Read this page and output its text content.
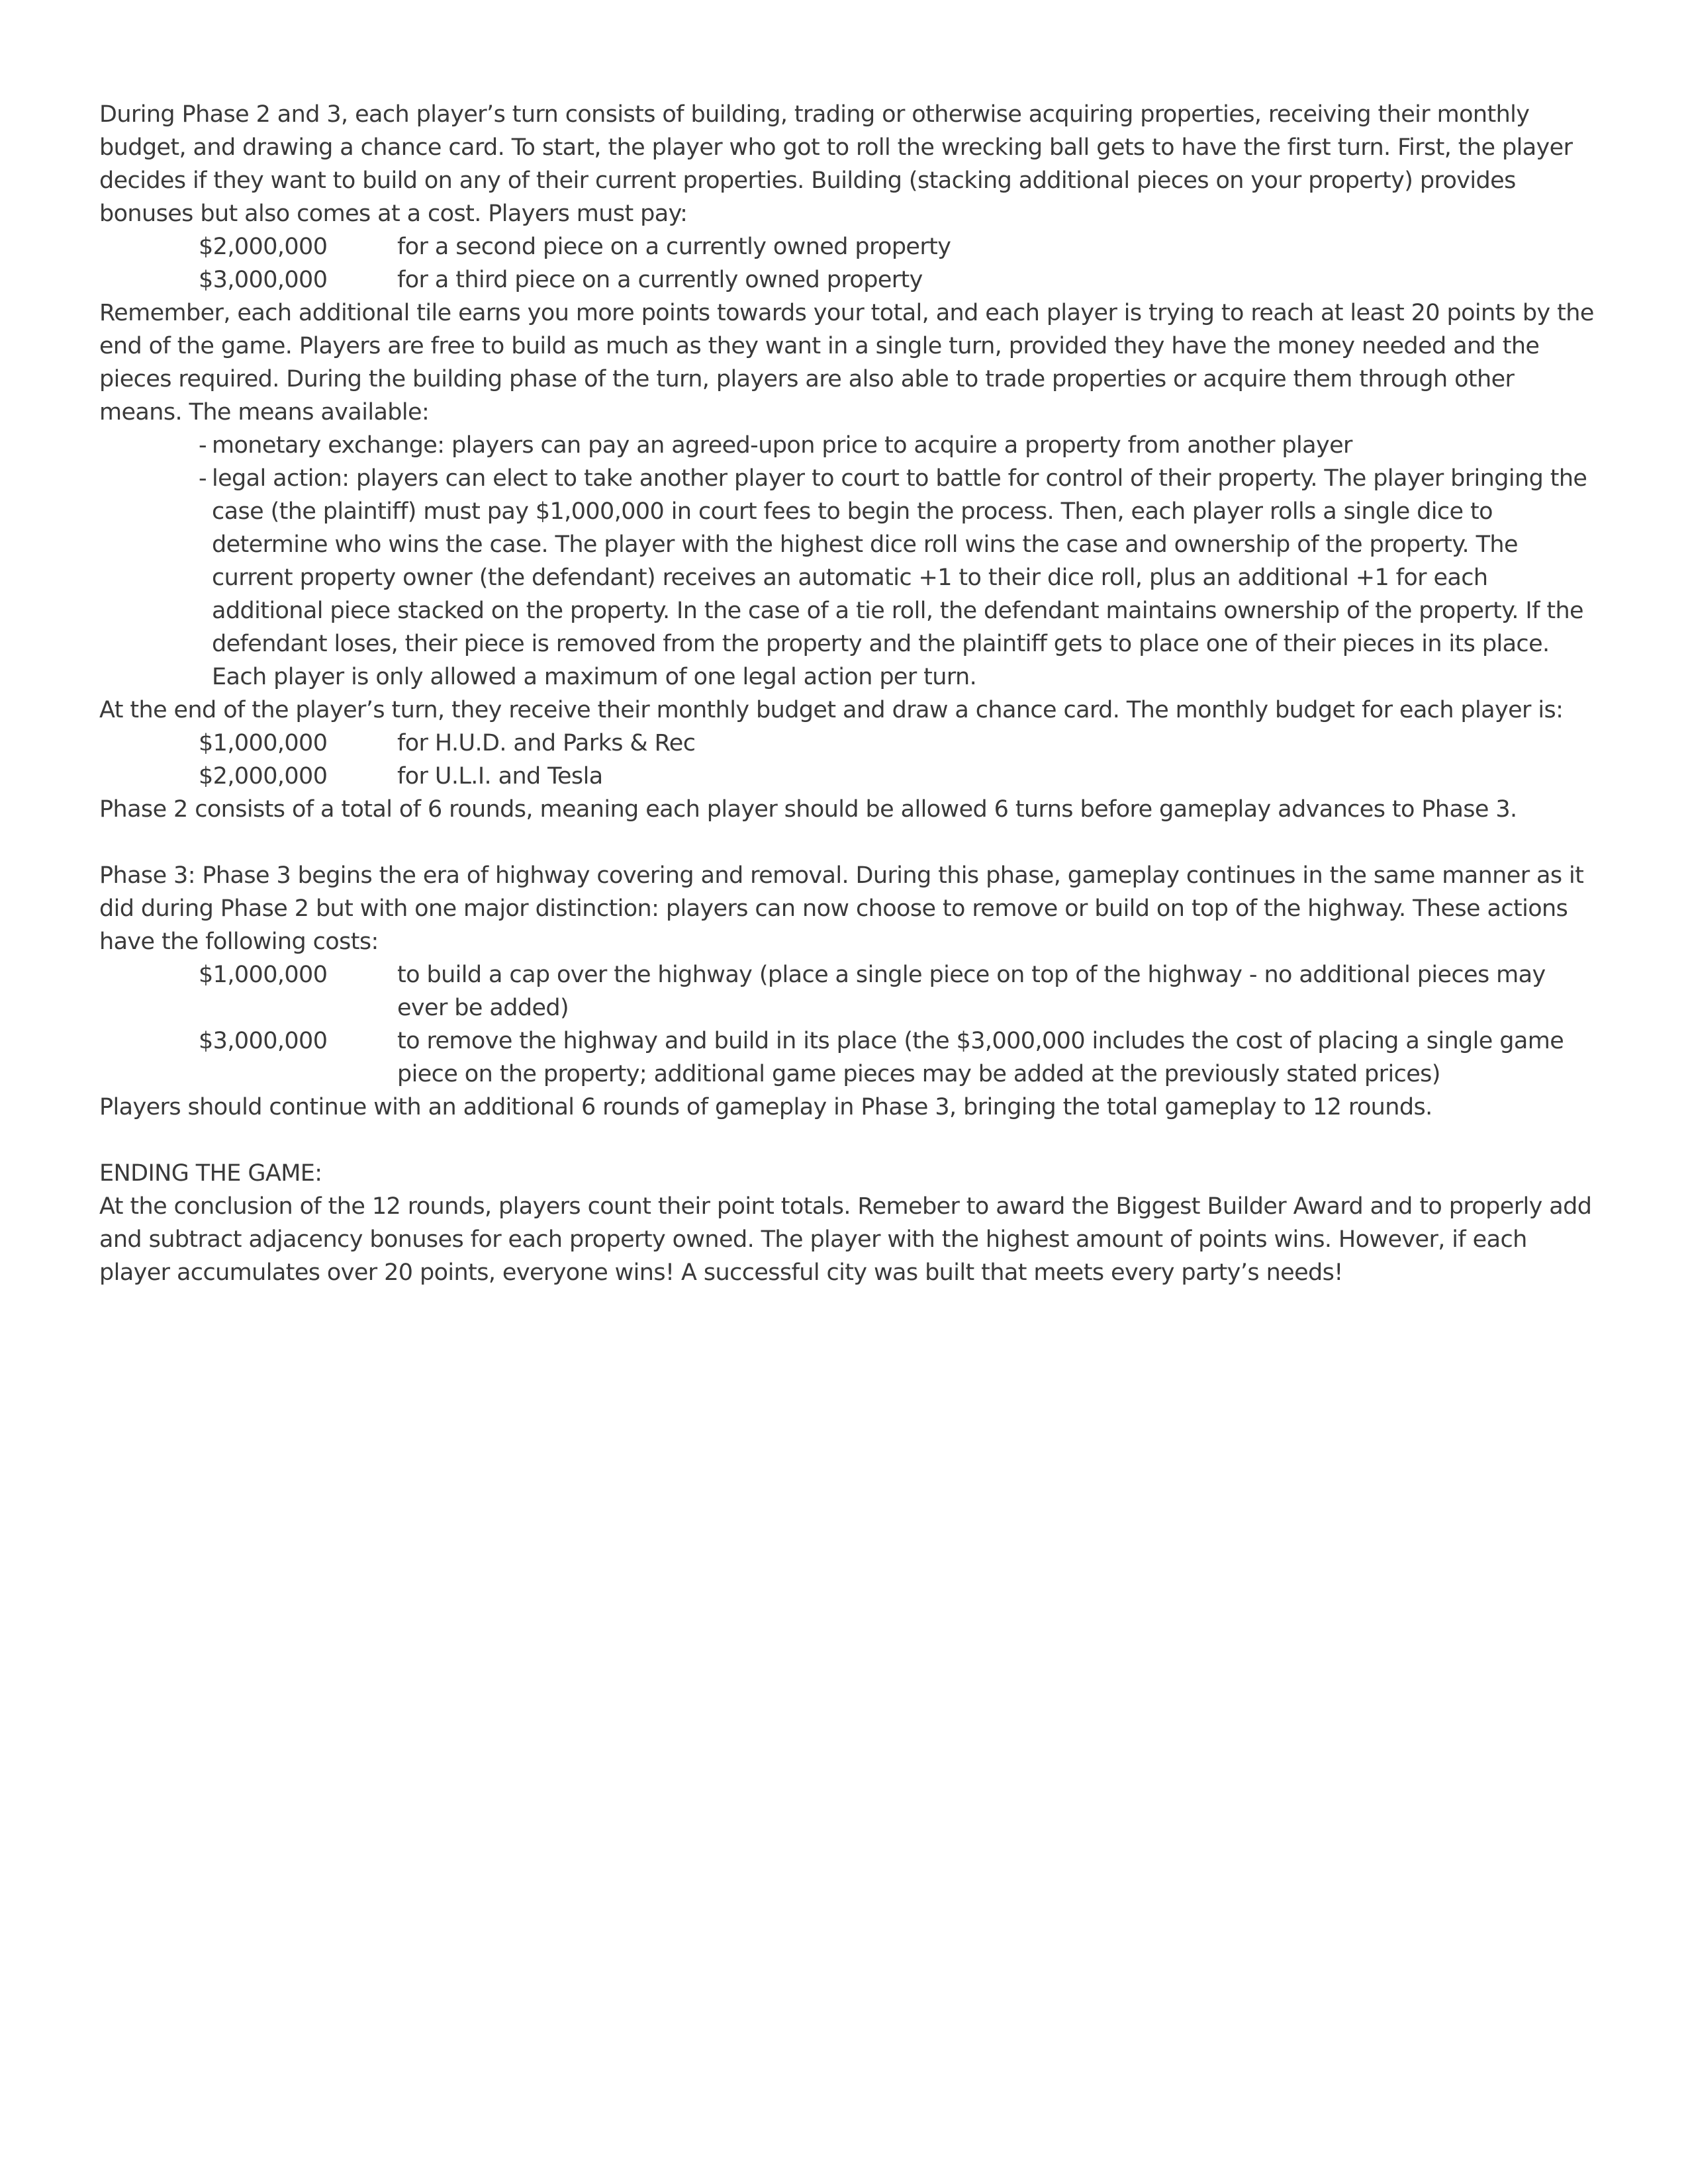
During Phase 2 and 3, each player’s turn consists of building, trading or otherwise acquiring properties, receiving their monthly budget, and drawing a chance card. To start, the player who got to roll the wrecking ball gets to have the first turn. First, the player decides if they want to build on any of their current properties. Building (stacking additional pieces on your property) provides bonuses but also comes at a cost. Players must pay:

$2,000,000	for a second piece on a currently owned property
$3,000,000	for a third piece on a currently owned property

Remember, each additional tile earns you more points towards your total, and each player is trying to reach at least 20 points by the end of the game. Players are free to build as much as they want in a single turn, provided they have the money needed and the pieces required. During the building phase of the turn, players are also able to trade properties or acquire them through other means. The means available:

- monetary exchange: players can pay an agreed-upon price to acquire a property from another player
- legal action: players can elect to take another player to court to battle for control of their property. The player bringing the case (the plaintiff) must pay $1,000,000 in court fees to begin the process. Then, each player rolls a single dice to determine who wins the case. The player with the highest dice roll wins the case and ownership of the property. The current property owner (the defendant) receives an automatic +1 to their dice roll, plus an additional +1 for each additional piece stacked on the property. In the case of a tie roll, the defendant maintains ownership of the property. If the defendant loses, their piece is removed from the property and the plaintiff gets to place one of their pieces in its place. Each player is only allowed a maximum of one legal action per turn.

At the end of the player’s turn, they receive their monthly budget and draw a chance card. The monthly budget for each player is:

$1,000,000	for H.U.D. and Parks & Rec
$2,000,000	for U.L.I. and Tesla

Phase 2 consists of a total of 6 rounds, meaning each player should be allowed 6 turns before gameplay advances to Phase 3.

Phase 3: Phase 3 begins the era of highway covering and removal. During this phase, gameplay continues in the same manner as it did during Phase 2 but with one major distinction: players can now choose to remove or build on top of the highway. These actions have the following costs:

$1,000,000	to build a cap over the highway (place a single piece on top of the highway - no additional pieces may ever be added)
$3,000,000	to remove the highway and build in its place (the $3,000,000 includes the cost of placing a single game piece on the property; additional game pieces may be added at the previously stated prices)

Players should continue with an additional 6 rounds of gameplay in Phase 3, bringing the total gameplay to 12 rounds.

ENDING THE GAME:

At the conclusion of the 12 rounds, players count their point totals. Remeber to award the Biggest Builder Award and to properly add and subtract adjacency bonuses for each property owned. The player with the highest amount of points wins. However, if each player accumulates over 20 points, everyone wins! A successful city was built that meets every party’s needs!
